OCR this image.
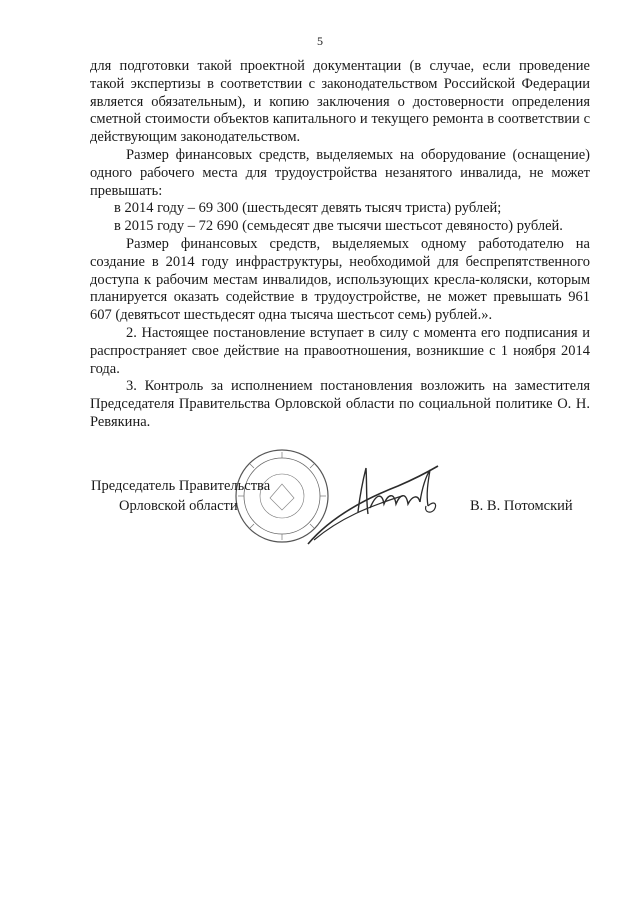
5

для подготовки такой проектной документации (в случае, если проведение такой экспертизы в соответствии с законодательством Российской Федерации является обязательным), и копию заключения о достоверности определения сметной стоимости объектов капитального и текущего ремонта в соответствии с действующим законодательством.

Размер финансовых средств, выделяемых на оборудование (оснащение) одного рабочего места для трудоустройства незанятого инвалида, не может превышать:

в 2014 году – 69 300 (шестьдесят девять тысяч триста) рублей;

в 2015 году – 72 690 (семьдесят две тысячи шестьсот девяносто) рублей.

Размер финансовых средств, выделяемых одному работодателю на создание в 2014 году инфраструктуры, необходимой для беспрепятственного доступа к рабочим местам инвалидов, использующих кресла-коляски, которым планируется оказать содействие в трудоустройстве, не может превышать 961 607 (девятьсот шестьдесят одна тысяча шестьсот семь) рублей.».

2. Настоящее постановление вступает в силу с момента его подписания и распространяет свое действие на правоотношения, возникшие с 1 ноября 2014 года.

3. Контроль за исполнением постановления возложить на заместителя Председателя Правительства Орловской области по социальной политике О. Н. Ревякина.

Председатель Правительства
Орловской области	В. В. Потомский
